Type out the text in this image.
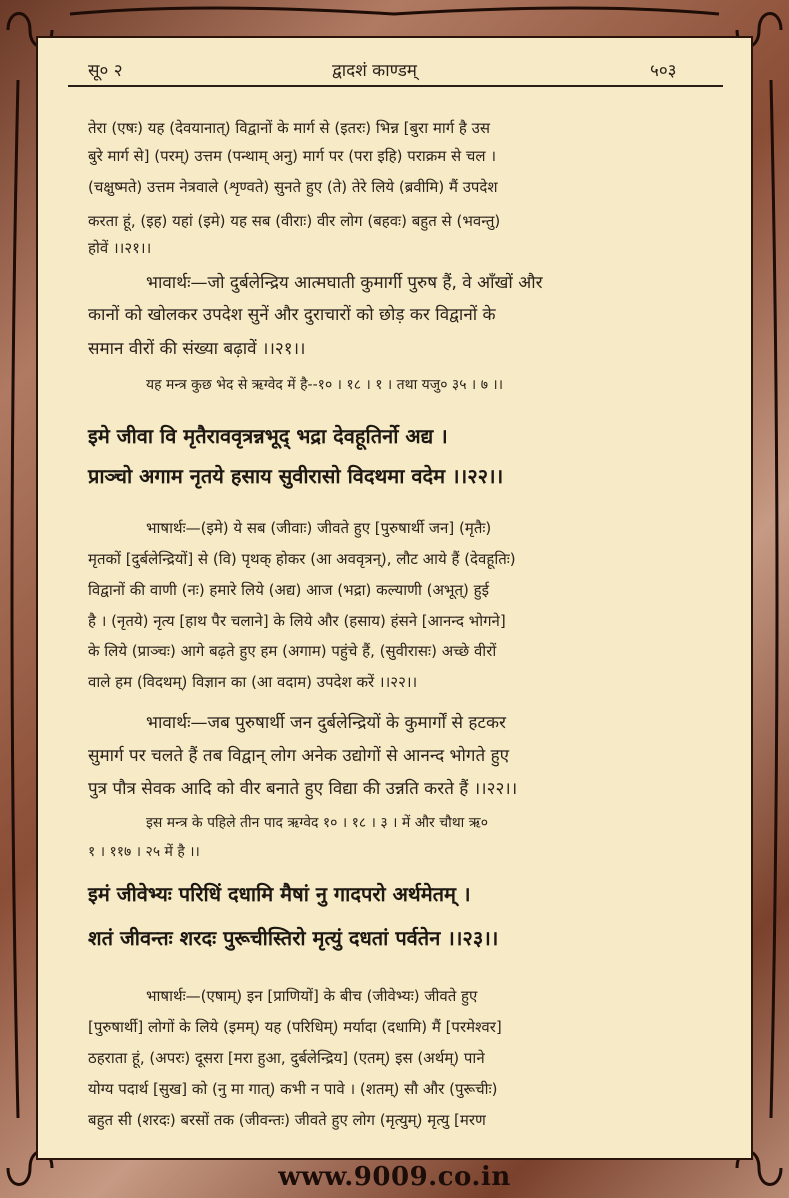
सू० २	द्वादशं काण्डम्	५०३
तेरा (एषः) यह (देवयानात्) विद्वानों के मार्ग से (इतरः) भिन्न [बुरा मार्ग है उस
बुरे मार्ग से] (परम्) उत्तम (पन्थाम् अनु) मार्ग पर (परा इहि) पराक्रम से चल ।
(चक्षुष्मते) उत्तम नेत्रवाले (शृण्वते) सुनते हुए (ते) तेरे लिये (ब्रवीमि) मैं उपदेश
करता हूं, (इह) यहां (इमे) यह सब (वीराः) वीर लोग (बहवः) बहुत से (भवन्तु)
होवें ।।२१।।
भावार्थः—जो दुर्बलेन्द्रिय आत्मघाती कुमार्गी पुरुष हैं, वे आँखों और
कानों को खोलकर उपदेश सुनें और दुराचारों को छोड़ कर विद्वानों के
समान वीरों की संख्या बढ़ावें ।।२१।।
यह मन्त्र कुछ भेद से ऋग्वेद में है--१० । १८ । १ । तथा यजु० ३५ । ७ ।।
इमे जीवा वि मृतैराववृत्रन्नभूद् भद्रा देवहूतिर्नो अद्य ।
प्राञ्चो अगाम नृतये हसाय सुवीरासो विदथमा वदेम ।।२२।।
भाषार्थः—(इमे) ये सब (जीवाः) जीवते हुए [पुरुषार्थी जन] (मृतैः)
मृतकों [दुर्बलेन्द्रियों] से (वि) पृथक् होकर (आ अववृत्रन्), लौट आये हैं (देवहूतिः)
विद्वानों की वाणी (नः) हमारे लिये (अद्य) आज (भद्रा) कल्याणी (अभूत्) हुई
है । (नृतये) नृत्य [हाथ पैर चलाने] के लिये और (हसाय) हंसने [आनन्द भोगने]
के लिये (प्राञ्चः) आगे बढ़ते हुए हम (अगाम) पहुंचे हैं, (सुवीरासः) अच्छे वीरों
वाले हम (विदथम्) विज्ञान का (आ वदाम) उपदेश करें ।।२२।।
भावार्थः—जब पुरुषार्थी जन दुर्बलेन्द्रियों के कुमार्गों से हटकर
सुमार्ग पर चलते हैं तब विद्वान् लोग अनेक उद्योगों से आनन्द भोगते हुए
पुत्र पौत्र सेवक आदि को वीर बनाते हुए विद्या की उन्नति करते हैं ।।२२।।
इस मन्त्र के पहिले तीन पाद ऋग्वेद १० । १८ । ३ । में और चौथा ऋ०
१ । ११७ । २५ में है ।।
इमं जीवेभ्यः परिधिं दधामि मैषां नु गादपरो अर्थमेतम् ।
शतं जीवन्तः शरदः पुरूचीस्तिरो मृत्युं दधतां पर्वतेन ।।२३।।
भाषार्थः—(एषाम्) इन [प्राणियों] के बीच (जीवेभ्यः) जीवते हुए
[पुरुषार्थी] लोगों के लिये (इमम्) यह (परिधिम्) मर्यादा (दधामि) मैं [परमेश्वर]
ठहराता हूं, (अपरः) दूसरा [मरा हुआ, दुर्बलेन्द्रिय] (एतम्) इस (अर्थम्) पाने
योग्य पदार्थ [सुख] को (नु मा गात्) कभी न पावे । (शतम्) सौ और (पुरूचीः)
बहुत सी (शरदः) बरसों तक (जीवन्तः) जीवते हुए लोग (मृत्युम्) मृत्यु [मरण
www.9009.co.in
